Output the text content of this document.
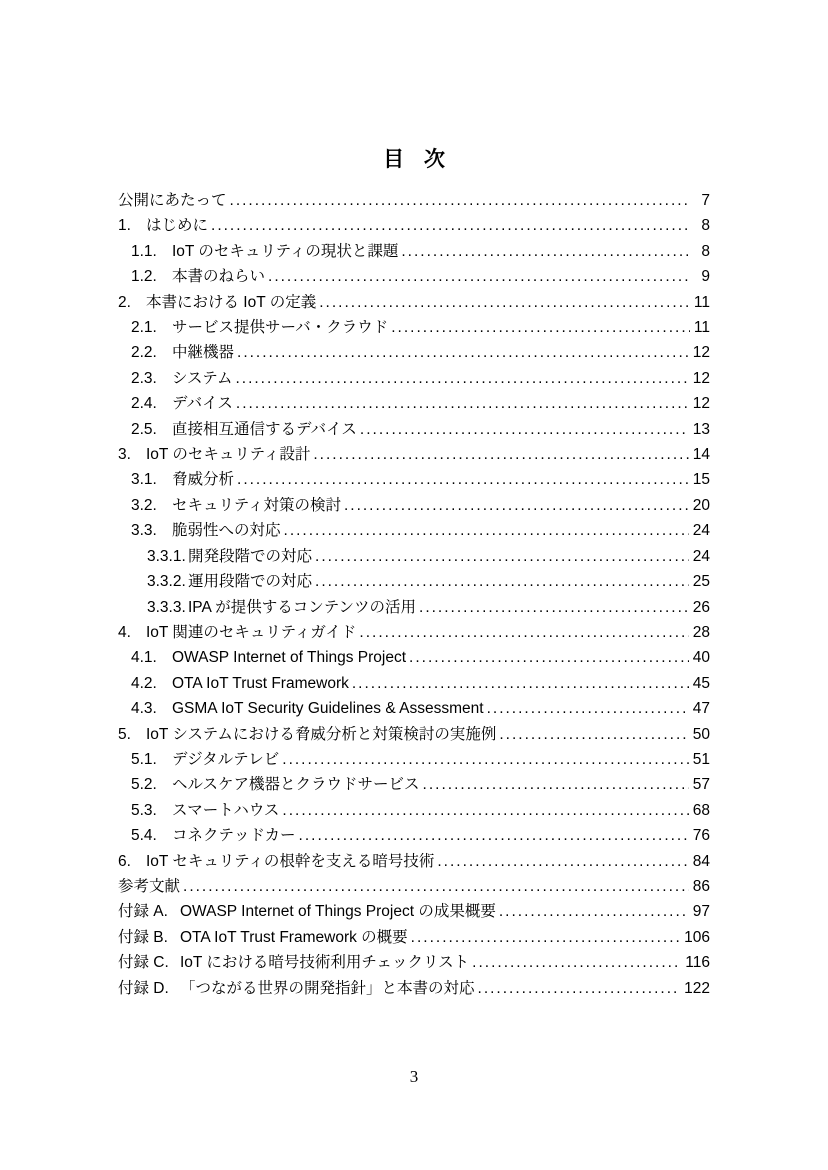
目 次
公開にあたって .....	7
1. はじめに .....	8
1.1. IoT のセキュリティの現状と課題 .....	8
1.2. 本書のねらい .....	9
2. 本書における IoT の定義 .....	11
2.1. サービス提供サーバ・クラウド .....	11
2.2. 中継機器 .....	12
2.3. システム .....	12
2.4. デバイス .....	12
2.5. 直接相互通信するデバイス .....	13
3. IoT のセキュリティ設計 .....	14
3.1. 脅威分析 .....	15
3.2. セキュリティ対策の検討 .....	20
3.3. 脆弱性への対応 .....	24
3.3.1. 開発段階での対応 .....	24
3.3.2. 運用段階での対応 .....	25
3.3.3. IPA が提供するコンテンツの活用 .....	26
4. IoT 関連のセキュリティガイド .....	28
4.1. OWASP Internet of Things Project .....	40
4.2. OTA IoT Trust Framework .....	45
4.3. GSMA IoT Security Guidelines & Assessment .....	47
5. IoT システムにおける脅威分析と対策検討の実施例 .....	50
5.1. デジタルテレビ .....	51
5.2. ヘルスケア機器とクラウドサービス .....	57
5.3. スマートハウス .....	68
5.4. コネクテッドカー .....	76
6. IoT セキュリティの根幹を支える暗号技術 .....	84
参考文献 .....	86
付録 A. OWASP Internet of Things Project の成果概要 .....	97
付録 B. OTA IoT Trust Framework の概要 .....	106
付録 C. IoT における暗号技術利用チェックリスト .....	116
付録 D. 「つながる世界の開発指針」と本書の対応 .....	122
3
